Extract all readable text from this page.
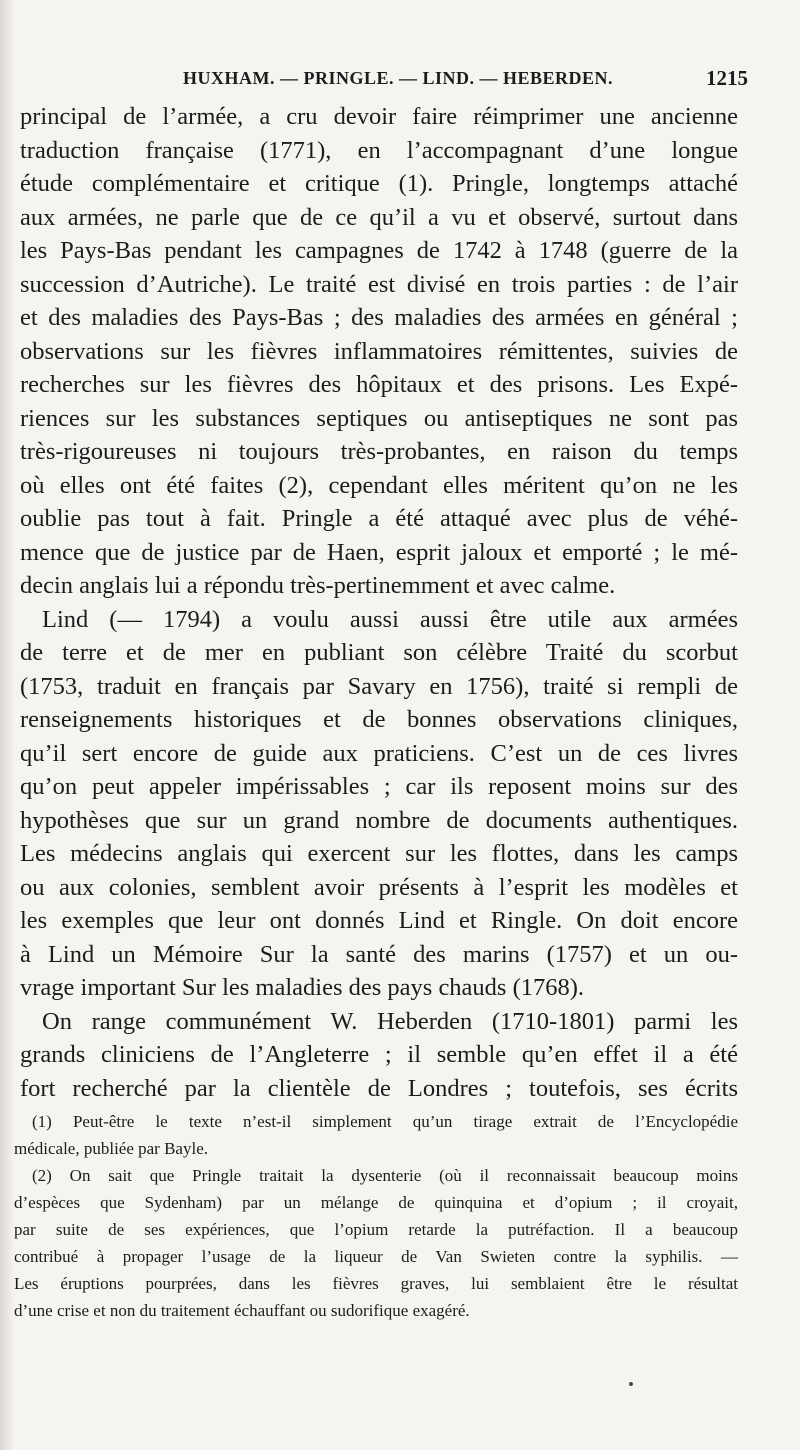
HUXHAM. — PRINGLE. — LIND. — HEBERDEN.	1215
principal de l’armée, a cru devoir faire réimprimer une ancienne
traduction française (1771), en l’accompagnant d’une longue
étude complémentaire et critique (1). Pringle, longtemps attaché
aux armées, ne parle que de ce qu’il a vu et observé, surtout dans
les Pays-Bas pendant les campagnes de 1742 à 1748 (guerre de la
succession d’Autriche). Le traité est divisé en trois parties : de l’air
et des maladies des Pays-Bas ; des maladies des armées en général ;
observations sur les fièvres inflammatoires rémittentes, suivies de
recherches sur les fièvres des hôpitaux et des prisons. Les Expé-
riences sur les substances septiques ou antiseptiques ne sont pas
très-rigoureuses ni toujours très-probantes, en raison du temps
où elles ont été faites (2), cependant elles méritent qu’on ne les
oublie pas tout à fait. Pringle a été attaqué avec plus de véhé-
mence que de justice par de Haen, esprit jaloux et emporté ; le mé-
decin anglais lui a répondu très-pertinemment et avec calme.
Lind (— 1794) a voulu aussi aussi être utile aux armées
de terre et de mer en publiant son célèbre Traité du scorbut
(1753, traduit en français par Savary en 1756), traité si rempli de
renseignements historiques et de bonnes observations cliniques,
qu’il sert encore de guide aux praticiens. C’est un de ces livres
qu’on peut appeler impérissables ; car ils reposent moins sur des
hypothèses que sur un grand nombre de documents authentiques.
Les médecins anglais qui exercent sur les flottes, dans les camps
ou aux colonies, semblent avoir présents à l’esprit les modèles et
les exemples que leur ont donnés Lind et Ringle. On doit encore
à Lind un Mémoire Sur la santé des marins (1757) et un ou-
vrage important Sur les maladies des pays chauds (1768).
On range communément W. Heberden (1710-1801) parmi les
grands cliniciens de l’Angleterre ; il semble qu’en effet il a été
fort recherché par la clientèle de Londres ; toutefois, ses écrits
(1) Peut-être le texte n’est-il simplement qu’un tirage extrait de l’Encyclopédie
médicale, publiée par Bayle.
(2) On sait que Pringle traitait la dysenterie (où il reconnaissait beaucoup moins
d’espèces que Sydenham) par un mélange de quinquina et d’opium ; il croyait,
par suite de ses expériences, que l’opium retarde la putréfaction. Il a beaucoup
contribué à propager l’usage de la liqueur de Van Swieten contre la syphilis. —
Les éruptions pourprées, dans les fièvres graves, lui semblaient être le résultat
d’une crise et non du traitement échauffant ou sudorifique exagéré.
